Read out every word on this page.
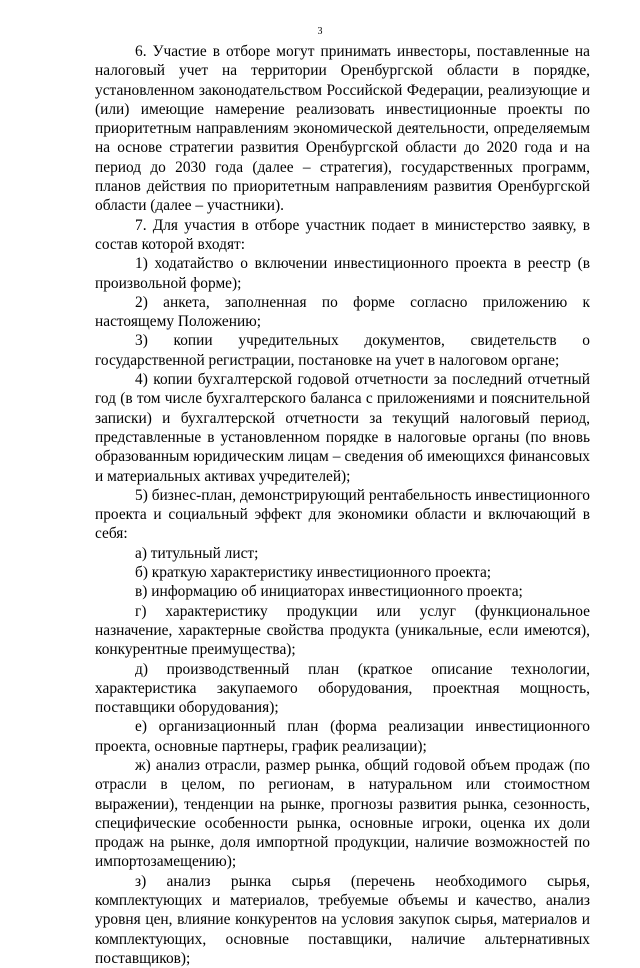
3

6. Участие в отборе могут принимать инвесторы, поставленные на налоговый учет на территории Оренбургской области в порядке, установленном законодательством Российской Федерации, реализующие и (или) имеющие намерение реализовать инвестиционные проекты по приоритетным направлениям экономической деятельности, определяемым на основе стратегии развития Оренбургской области до 2020 года и на период до 2030 года (далее – стратегия), государственных программ, планов действия по приоритетным направлениям развития Оренбургской области (далее – участники).

7. Для участия в отборе участник подает в министерство заявку, в состав которой входят:

1) ходатайство о включении инвестиционного проекта в реестр (в произвольной форме);

2) анкета, заполненная по форме согласно приложению к настоящему Положению;

3) копии учредительных документов, свидетельств о государственной регистрации, постановке на учет в налоговом органе;

4) копии бухгалтерской годовой отчетности за последний отчетный год (в том числе бухгалтерского баланса с приложениями и пояснительной записки) и бухгалтерской отчетности за текущий налоговый период, представленные в установленном порядке в налоговые органы (по вновь образованным юридическим лицам – сведения об имеющихся финансовых и материальных активах учредителей);

5) бизнес-план, демонстрирующий рентабельность инвестиционного проекта и социальный эффект для экономики области и включающий в себя:

а) титульный лист;

б) краткую характеристику инвестиционного проекта;

в) информацию об инициаторах инвестиционного проекта;

г) характеристику продукции или услуг (функциональное назначение, характерные свойства продукта (уникальные, если имеются), конкурентные преимущества);

д) производственный план (краткое описание технологии, характеристика закупаемого оборудования, проектная мощность, поставщики оборудования);

е) организационный план (форма реализации инвестиционного проекта, основные партнеры, график реализации);

ж) анализ отрасли, размер рынка, общий годовой объем продаж (по отрасли в целом, по регионам, в натуральном или стоимостном выражении), тенденции на рынке, прогнозы развития рынка, сезонность, специфические особенности рынка, основные игроки, оценка их доли продаж на рынке, доля импортной продукции, наличие возможностей по импортозамещению);

з) анализ рынка сырья (перечень необходимого сырья, комплектующих и материалов, требуемые объемы и качество, анализ уровня цен, влияние конкурентов на условия закупок сырья, материалов и комплектующих, основные поставщики, наличие альтернативных поставщиков);
